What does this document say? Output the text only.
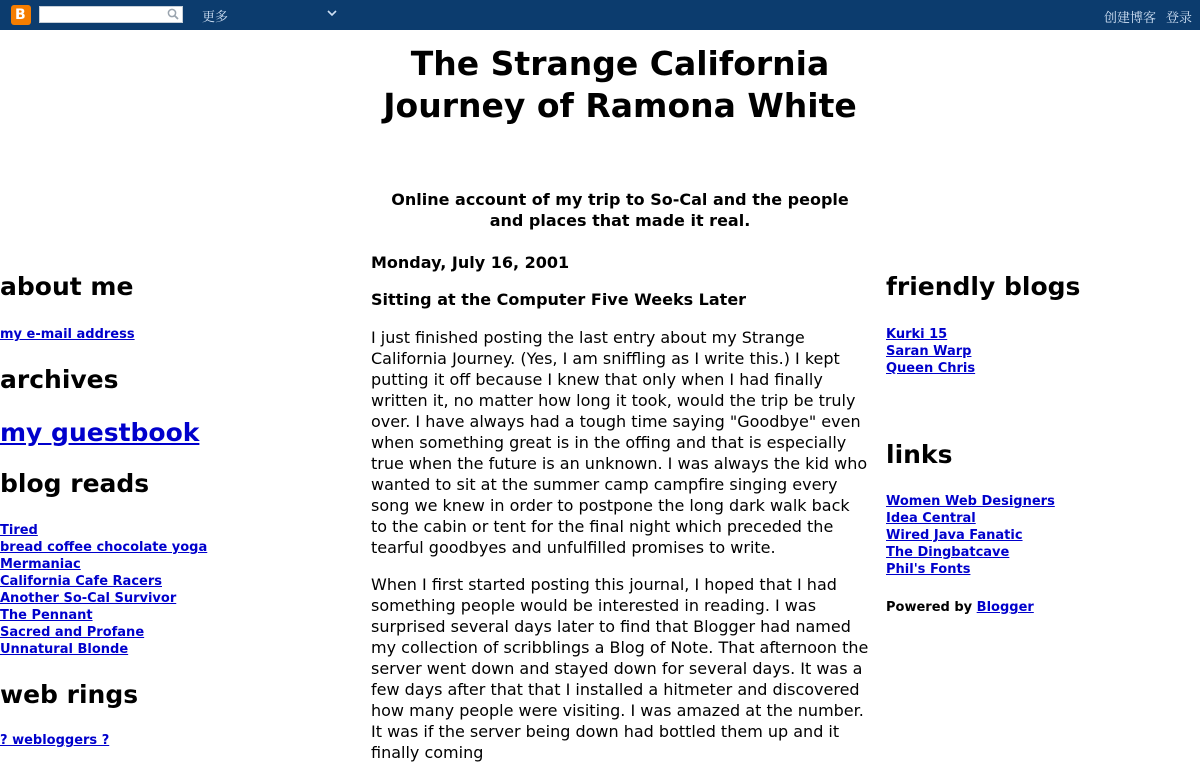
B	更多	创建博客 登录
The Strange California Journey of Ramona White

Online account of my trip to So-Cal and the people and places that made it real.

about me
my e-mail address
archives
my guestbook
blog reads
Tired
bread coffee chocolate yoga
Mermaniac
California Cafe Racers
Another So-Cal Survivor
The Pennant
Sacred and Profane
Unnatural Blonde
web rings
? webloggers ?
Monday, July 16, 2001
Sitting at the Computer Five Weeks Later

I just finished posting the last entry about my Strange California Journey. (Yes, I am sniffling as I write this.) I kept putting it off because I knew that only when I had finally written it, no matter how long it took, would the trip be truly over. I have always had a tough time saying "Goodbye" even when something great is in the offing and that is especially true when the future is an unknown. I was always the kid who wanted to sit at the summer camp campfire singing every song we knew in order to postpone the long dark walk back to the cabin or tent for the final night which preceded the tearful goodbyes and unfulfilled promises to write.

When I first started posting this journal, I hoped that I had something people would be interested in reading. I was surprised several days later to find that Blogger had named my collection of scribblings a Blog of Note. That afternoon the server went down and stayed down for several days. It was a few days after that that I installed a hitmeter and discovered how many people were visiting. I was amazed at the number. It was if the server being down had bottled them up and it finally coming

friendly blogs
Kurki 15
Saran Warp
Queen Chris
links
Women Web Designers
Idea Central
Wired Java Fanatic
The Dingbatcave
Phil's Fonts
Powered by Blogger
